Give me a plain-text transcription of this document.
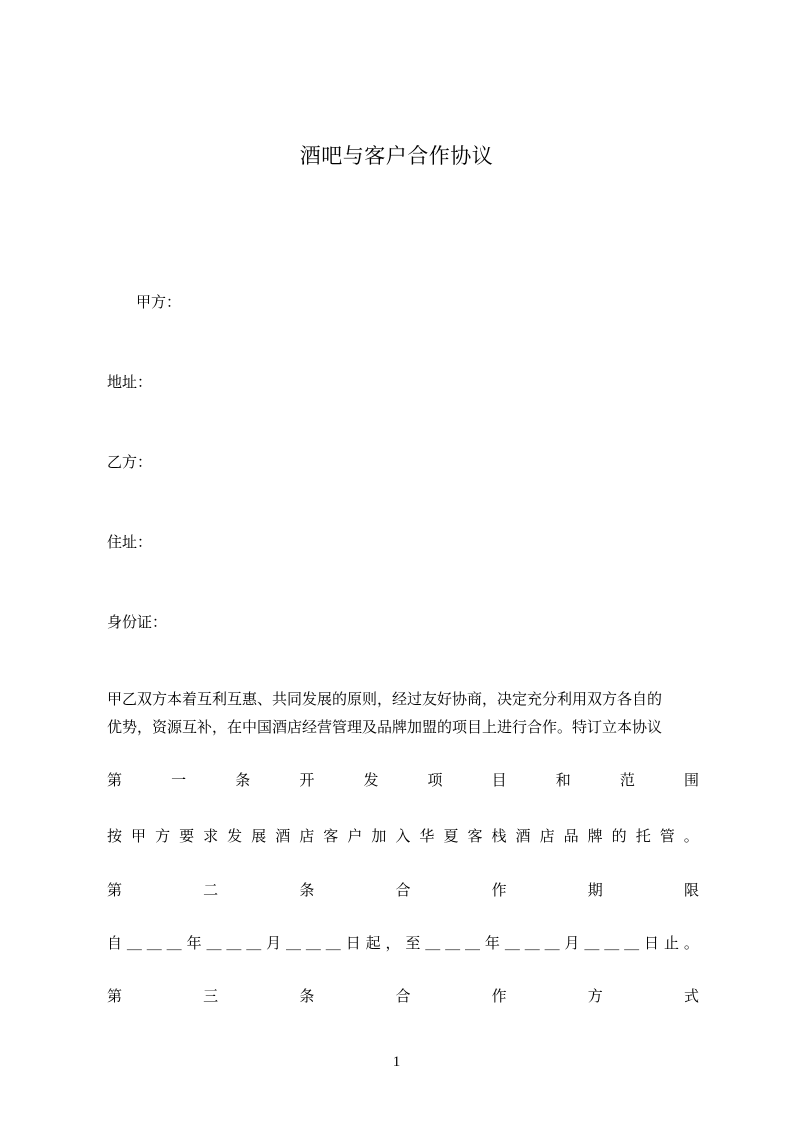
酒吧与客户合作协议
甲方：
地址：
乙方：
住址：
身份证：
甲乙双方本着互利互惠、共同发展的原则，经过友好协商，决定充分利用双方各自的
优势，资源互补，在中国酒店经营管理及品牌加盟的项目上进行合作。特订立本协议
第	一	条	开	发	项	目	和	范	围
按 甲 方 要 求 发 展 酒 店 客 户 加 入 华 夏 客 栈 酒 店 品 牌 的 托 管 。
第	二	条	合	作	期	限
自 ＿ ＿ ＿ 年 ＿ ＿ ＿ 月 ＿ ＿ ＿ 日 起 ， 至 ＿ ＿ ＿ 年 ＿ ＿ ＿ 月 ＿ ＿ ＿ 日 止 。
第	三	条	合	作	方	式
1
